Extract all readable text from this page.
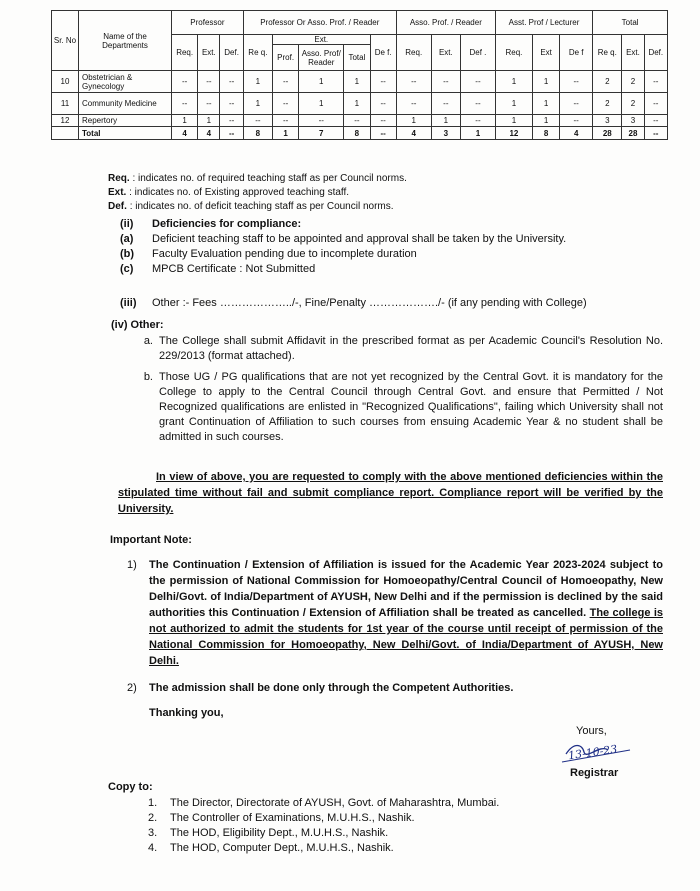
Sr. No	Name of the Departments	Professor			Professor Or Asso. Prof. / Reader					Asso. Prof. / Reader			Asst. Prof / Lecturer			Total		
		Req.	Ext.	Def.	Re q.	Ext.			De f.	Req.	Ext.	Def .	Req.	Ext	De f	Re q.	Ext.	Def.
						Prof.	Asso. Prof/ Reader	Total										
10	Obstetrician & Gynecology	--	--	--	1	--	1	1	--	--	--	--	1	1	--	2	2	--
11	Community Medicine	--	--	--	1	--	1	1	--	--	--	--	1	1	--	2	2	--
12	Repertory	1	1	--	--	--	--	--	--	1	1	--	1	1	--	3	3	--
	Total	4	4	--	8	1	7	8	--	4	3	1	12	8	4	28	28	--
Req. : indicates no. of required teaching staff as per Council norms.
Ext. : indicates no. of Existing approved teaching staff.
Def. : indicates no. of deficit teaching staff as per Council norms.
(ii) Deficiencies for compliance:
(a) Deficient teaching staff to be appointed and approval shall be taken by the University.
(b) Faculty Evaluation pending due to incomplete duration
(c) MPCB Certificate : Not Submitted
(iii) Other :- Fees ………………../-, Fine/Penalty ………………./- (if any pending with College)
(iv) Other:
a. The College shall submit Affidavit in the prescribed format as per Academic Council's Resolution No. 229/2013 (format attached).
b. Those UG / PG qualifications that are not yet recognized by the Central Govt. it is mandatory for the College to apply to the Central Council through Central Govt. and ensure that Permitted / Not Recognized qualifications are enlisted in "Recognized Qualifications", failing which University shall not grant Continuation of Affiliation to such courses from ensuing Academic Year & no student shall be admitted in such courses.
In view of above, you are requested to comply with the above mentioned deficiencies within the stipulated time without fail and submit compliance report. Compliance report will be verified by the University.
Important Note:
1)	The Continuation / Extension of Affiliation is issued for the Academic Year 2023-2024 subject to the permission of National Commission for Homoeopathy/Central Council of Homoeopathy, New Delhi/Govt. of India/Department of AYUSH, New Delhi and if the permission is declined by the said authorities this Continuation / Extension of Affiliation shall be treated as cancelled. The college is not authorized to admit the students for 1st year of the course until receipt of permission of the National Commission for Homoeopathy, New Delhi/Govt. of India/Department of AYUSH, New Delhi.
2)	The admission shall be done only through the Competent Authorities.
Thanking you,
Yours,
13-10-23
Registrar
Copy to:
1. The Director, Directorate of AYUSH, Govt. of Maharashtra, Mumbai.
2. The Controller of Examinations, M.U.H.S., Nashik.
3. The HOD, Eligibility Dept., M.U.H.S., Nashik.
4. The HOD, Computer Dept., M.U.H.S., Nashik.
